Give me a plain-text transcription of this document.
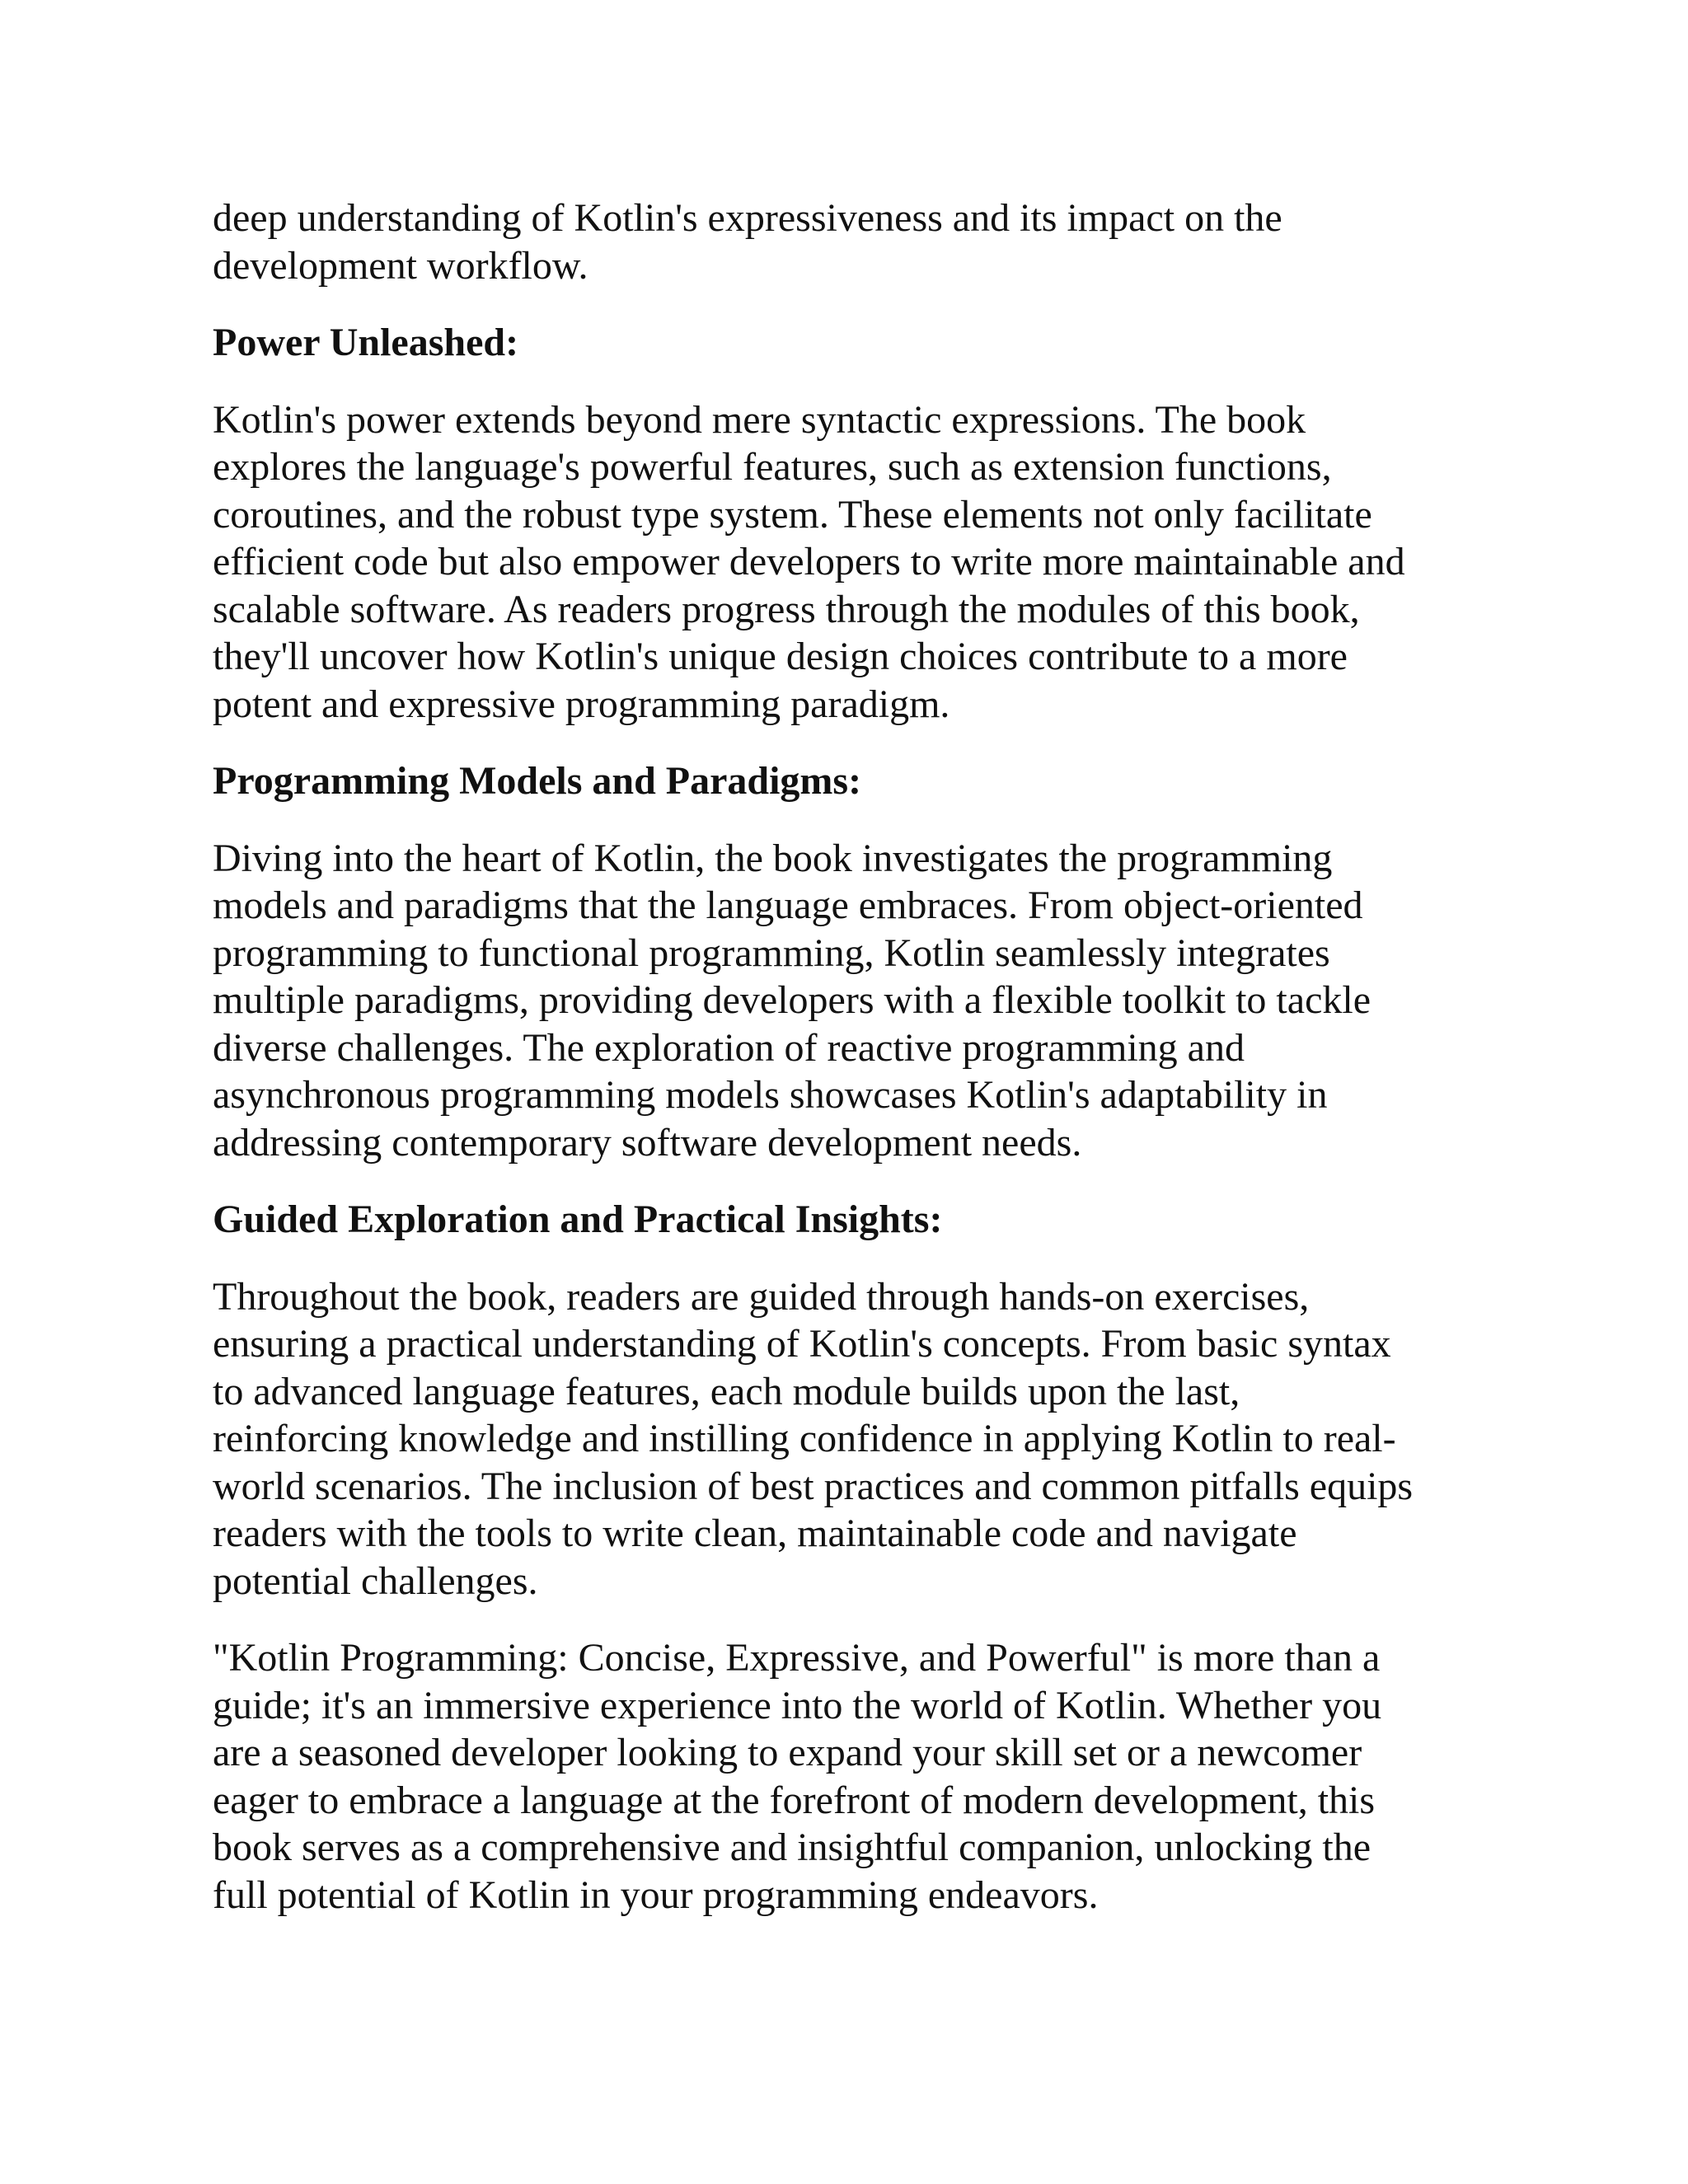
deep understanding of Kotlin's expressiveness and its impact on the
development workflow.

Power Unleashed:

Kotlin's power extends beyond mere syntactic expressions. The book
explores the language's powerful features, such as extension functions,
coroutines, and the robust type system. These elements not only facilitate
efficient code but also empower developers to write more maintainable and
scalable software. As readers progress through the modules of this book,
they'll uncover how Kotlin's unique design choices contribute to a more
potent and expressive programming paradigm.

Programming Models and Paradigms:

Diving into the heart of Kotlin, the book investigates the programming
models and paradigms that the language embraces. From object-oriented
programming to functional programming, Kotlin seamlessly integrates
multiple paradigms, providing developers with a flexible toolkit to tackle
diverse challenges. The exploration of reactive programming and
asynchronous programming models showcases Kotlin's adaptability in
addressing contemporary software development needs.

Guided Exploration and Practical Insights:

Throughout the book, readers are guided through hands-on exercises,
ensuring a practical understanding of Kotlin's concepts. From basic syntax
to advanced language features, each module builds upon the last,
reinforcing knowledge and instilling confidence in applying Kotlin to real-
world scenarios. The inclusion of best practices and common pitfalls equips
readers with the tools to write clean, maintainable code and navigate
potential challenges.

"Kotlin Programming: Concise, Expressive, and Powerful" is more than a
guide; it's an immersive experience into the world of Kotlin. Whether you
are a seasoned developer looking to expand your skill set or a newcomer
eager to embrace a language at the forefront of modern development, this
book serves as a comprehensive and insightful companion, unlocking the
full potential of Kotlin in your programming endeavors.
